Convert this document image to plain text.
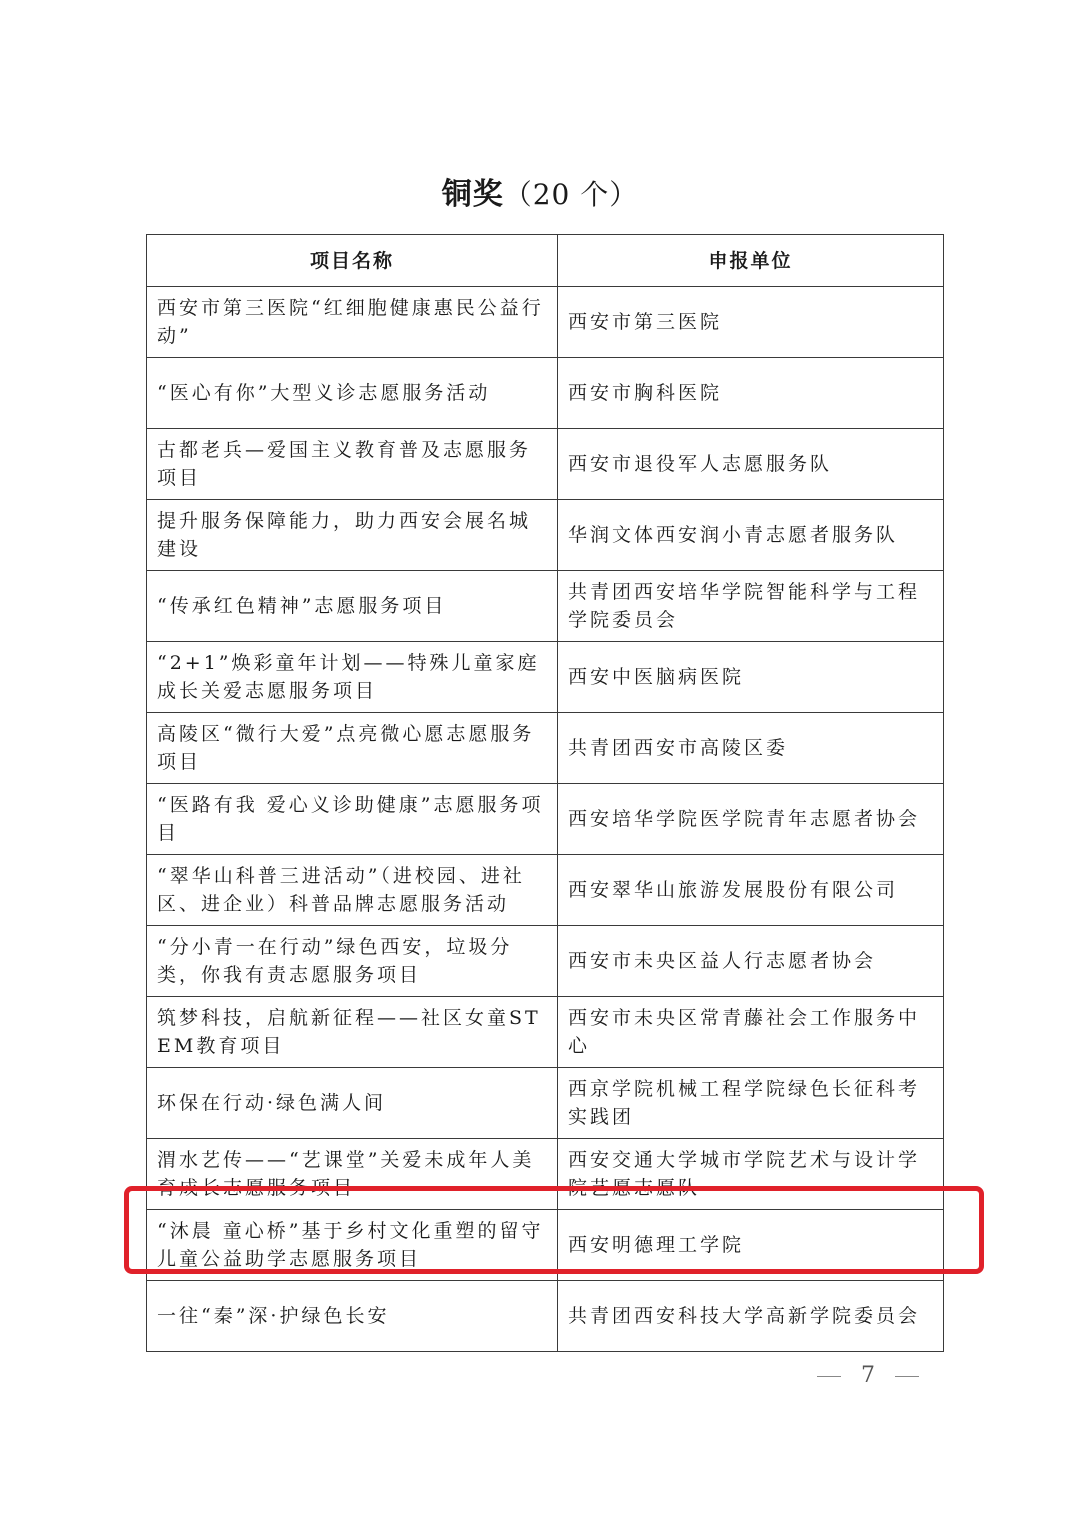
铜奖（20 个）
项目名称	申报单位
西安市第三医院“红细胞健康惠民公益行动”	西安市第三医院
“医心有你”大型义诊志愿服务活动	西安市胸科医院
古都老兵—爱国主义教育普及志愿服务项目	西安市退役军人志愿服务队
提升服务保障能力，助力西安会展名城建设	华润文体西安润小青志愿者服务队
“传承红色精神”志愿服务项目	共青团西安培华学院智能科学与工程学院委员会
“2+1”焕彩童年计划——特殊儿童家庭成长关爱志愿服务项目	西安中医脑病医院
高陵区“微行大爱”点亮微心愿志愿服务项目	共青团西安市高陵区委
“医路有我 爱心义诊助健康”志愿服务项目	西安培华学院医学院青年志愿者协会
“翠华山科普三进活动”（进校园、进社区、进企业）科普品牌志愿服务活动	西安翠华山旅游发展股份有限公司
“分小青一在行动”绿色西安，垃圾分类，你我有责志愿服务项目	西安市未央区益人行志愿者协会
筑梦科技，启航新征程——社区女童STEM教育项目	西安市未央区常青藤社会工作服务中心
环保在行动·绿色满人间	西京学院机械工程学院绿色长征科考实践团
渭水艺传——“艺课堂”关爱未成年人美育成长志愿服务项目	西安交通大学城市学院艺术与设计学院艺愿志愿队
“沐晨 童心桥”基于乡村文化重塑的留守儿童公益助学志愿服务项目	西安明德理工学院
一往“秦”深·护绿色长安	共青团西安科技大学高新学院委员会
7
